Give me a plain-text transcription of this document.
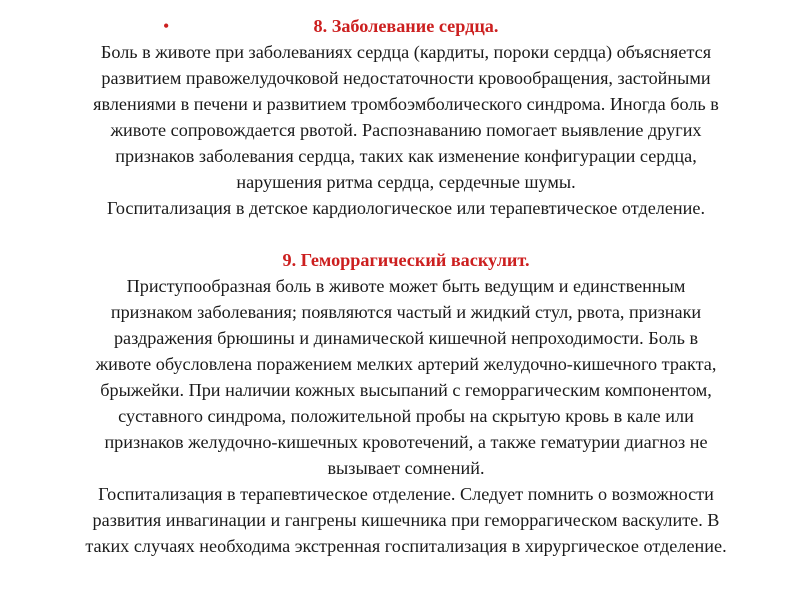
•	8. Заболевание сердца.
Боль в животе при заболеваниях сердца (кардиты, пороки сердца) объясняется
развитием правожелудочковой недостаточности кровообращения, застойными
явлениями в печени и развитием тромбоэмболического синдрома. Иногда боль в
животе сопровождается рвотой. Распознаванию помогает выявление других
признаков заболевания сердца, таких как изменение конфигурации сердца,
нарушения ритма сердца, сердечные шумы.
Госпитализация в детское кардиологическое или терапевтическое отделение.
9. Геморрагический васкулит.
Приступообразная боль в животе может быть ведущим и единственным
признаком заболевания; появляются частый и жидкий стул, рвота, признаки
раздражения брюшины и динамической кишечной непроходимости. Боль в
животе обусловлена поражением мелких артерий желудочно-кишечного тракта,
брыжейки. При наличии кожных высыпаний с геморрагическим компонентом,
суставного синдрома, положительной пробы на скрытую кровь в кале или
признаков желудочно-кишечных кровотечений, а также гематурии диагноз не
вызывает сомнений.
Госпитализация в терапевтическое отделение. Следует помнить о возможности
развития инвагинации и гангрены кишечника при геморрагическом васкулите. В
таких случаях необходима экстренная госпитализация в хирургическое отделение.
